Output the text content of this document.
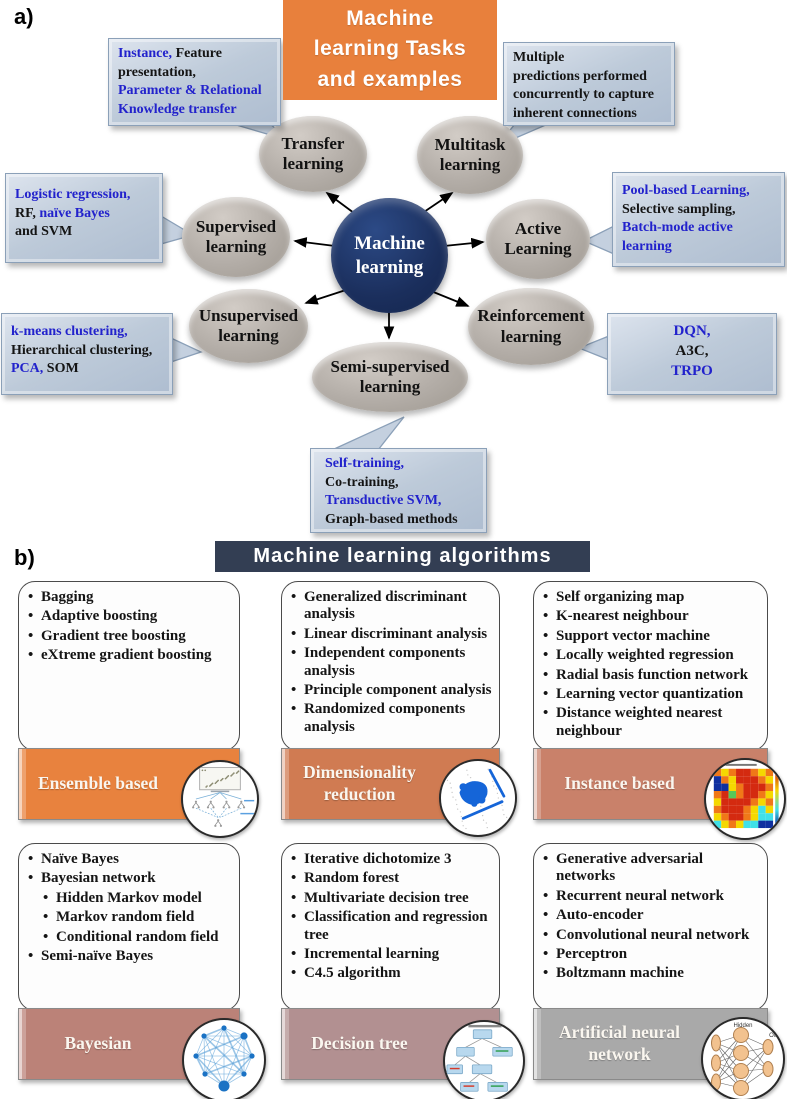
a)	Machine learning Tasks and examples
Transfer learning
Multitask learning
Supervised learning
Active Learning
Unsupervised learning
Reinforcement learning
Semi-supervised learning
Machine learning
Instance, Feature
presentation,
Parameter & Relational
Knowledge transfer
Multiple
predictions performed
concurrently to capture
inherent connections
Logistic regression,
RF, naïve Bayes
and SVM
Pool-based Learning,
Selective sampling,
Batch-mode active
learning
k-means clustering,
Hierarchical clustering,
PCA, SOM
DQN,
A3C,
TRPO
Self-training,
Co-training,
Transductive SVM,
Graph-based methods
b)	Machine learning algorithms
• Bagging
• Adaptive boosting
• Gradient tree boosting
• eXtreme gradient boosting
Ensemble based
• Generalized discriminant analysis
• Linear discriminant analysis
• Independent components analysis
• Principle component analysis
• Randomized components analysis
Dimensionality reduction
• Self organizing map
• K-nearest neighbour
• Support vector machine
• Locally weighted regression
• Radial basis function network
• Learning vector quantization
• Distance weighted nearest neighbour
Instance based
• Naïve Bayes
• Bayesian network
• Hidden Markov model
• Markov random field
• Conditional random field
• Semi-naïve Bayes
Bayesian
• Iterative dichotomize 3
• Random forest
• Multivariate decision tree
• Classification and regression tree
• Incremental learning
• C4.5 algorithm
Decision tree
• Generative adversarial networks
• Recurrent neural network
• Auto-encoder
• Convolutional neural network
• Perceptron
• Boltzmann machine
Artificial neural network
Hidden
Out
